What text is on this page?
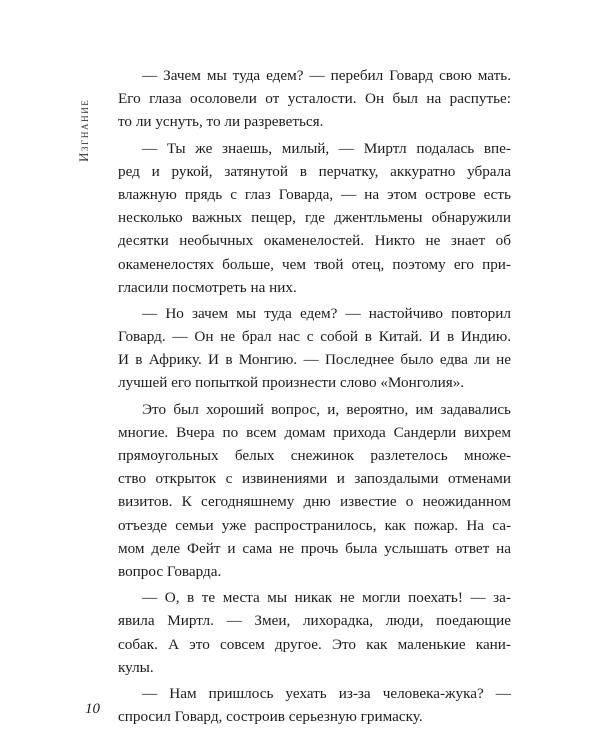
Изгнание
— Зачем мы туда едем? — перебил Говард свою мать.
Его глаза осоловели от усталости. Он был на распутье:
то ли уснуть, то ли разреветься.
— Ты же знаешь, милый, — Миртл подалась впе-
ред и рукой, затянутой в перчатку, аккуратно убрала
влажную прядь с глаз Говарда, — на этом острове есть
несколько важных пещер, где джентльмены обнаружили
десятки необычных окаменелостей. Никто не знает об
окаменелостях больше, чем твой отец, поэтому его при-
гласили посмотреть на них.
— Но зачем мы туда едем? — настойчиво повторил
Говард. — Он не брал нас с собой в Китай. И в Индию.
И в Африку. И в Монгию. — Последнее было едва ли не
лучшей его попыткой произнести слово «Монголия».
Это был хороший вопрос, и, вероятно, им задавались
многие. Вчера по всем домам прихода Сандерли вихрем
прямоугольных белых снежинок разлетелось множе-
ство открыток с извинениями и запоздалыми отменами
визитов. К сегодняшнему дню известие о неожиданном
отъезде семьи уже распространилось, как пожар. На са-
мом деле Фейт и сама не прочь была услышать ответ на
вопрос Говарда.
— О, в те места мы никак не могли поехать! — за-
явила Миртл. — Змеи, лихорадка, люди, поедающие
собак. А это совсем другое. Это как маленькие кани-
кулы.
— Нам пришлось уехать из-за человека-жука? —
спросил Говард, состроив серьезную гримаску.
10
